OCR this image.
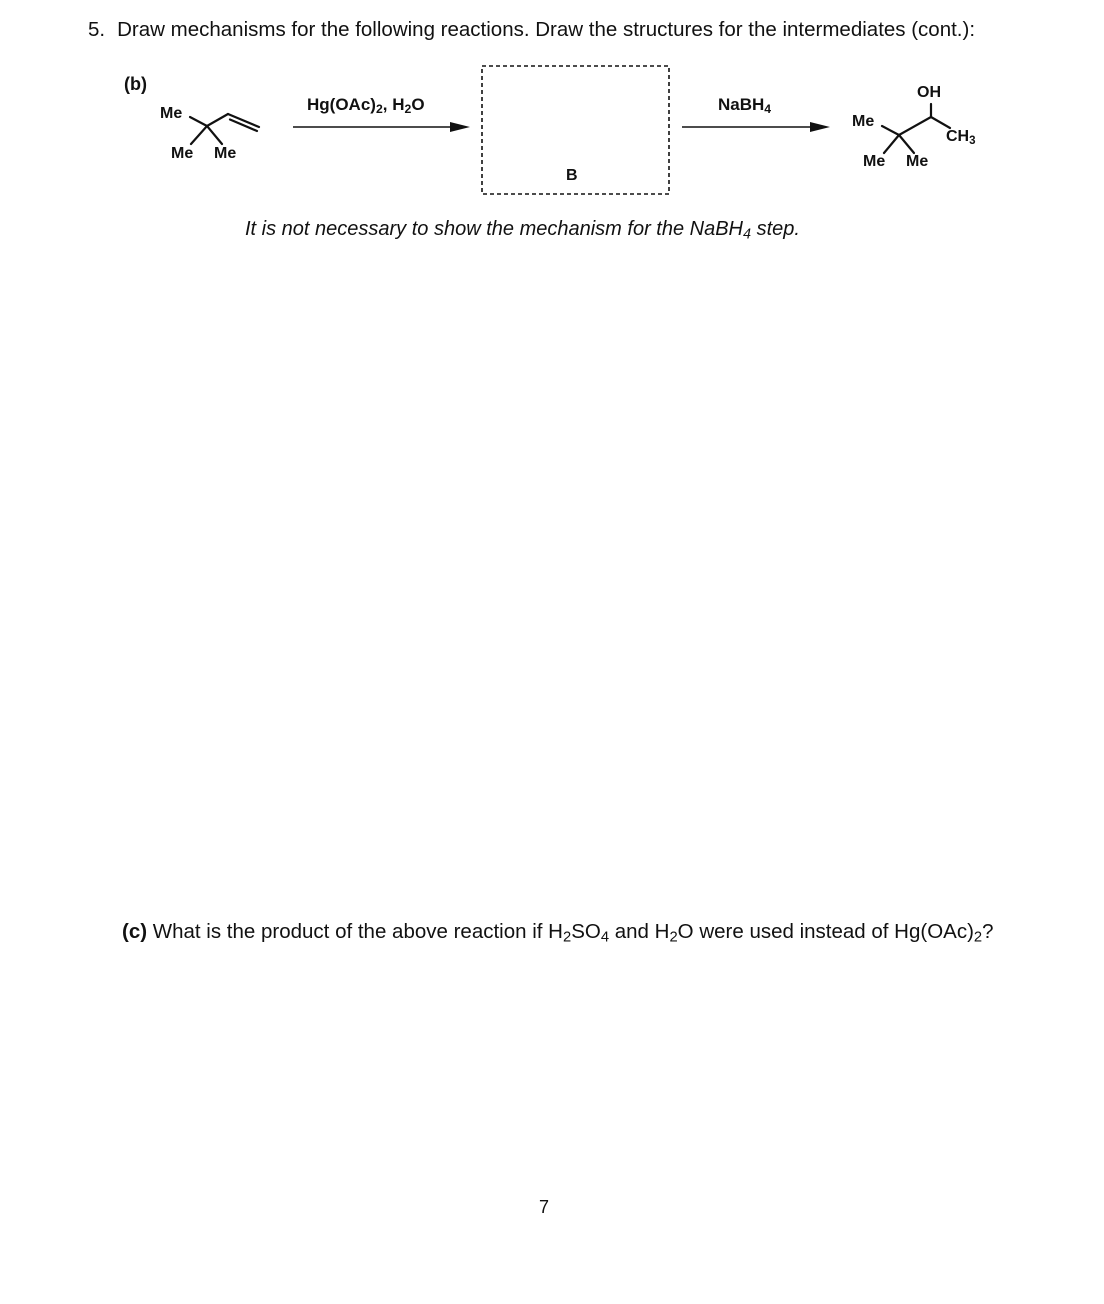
5. Draw mechanisms for the following reactions. Draw the structures for the intermediates (cont.):
(b)
Me
Me Me
$Hg(OAc)_2$, $H_2O$
B
NaBH$_4$
OH
Me
$CH_3$
Me Me
It is not necessary to show the mechanism for the NaBH$_4$ step.
(c) What is the product of the above reaction if $H_2SO_4$ and $H_2O$ were used instead of $Hg(OAc)_2$?
7
